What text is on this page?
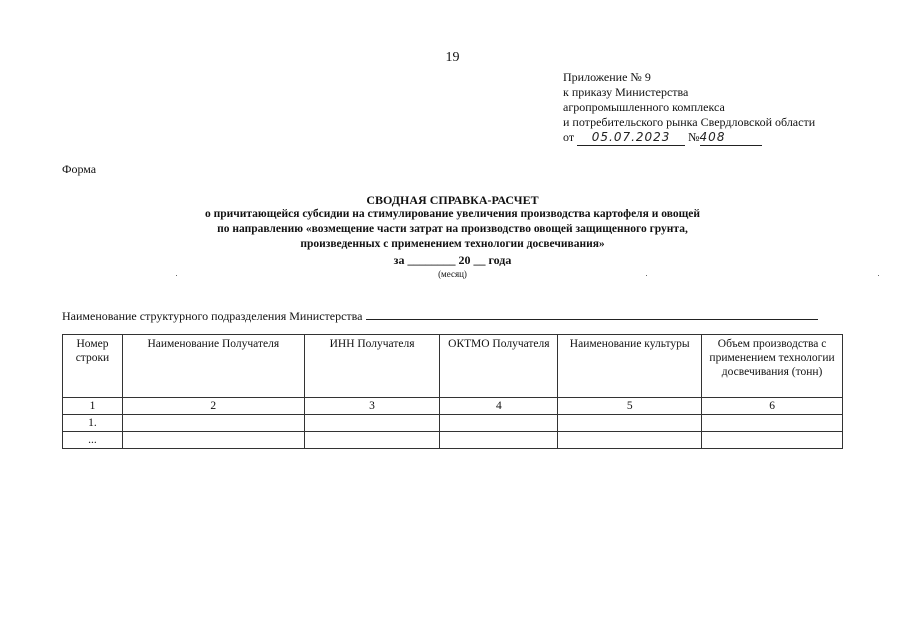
19
Приложение № 9
к приказу Министерства
агропромышленного комплекса
и потребительского рынка Свердловской области
от 05.07.2023 №408
Форма
СВОДНАЯ СПРАВКА-РАСЧЕТ
о причитающейся субсидии на стимулирование увеличения производства картофеля и овощей
по направлению «возмещение части затрат на производство овощей защищенного грунта,
произведенных с применением технологии досвечивания»
за ________ 20 __ года
(месяц)
Наименование структурного подразделения Министерства
Номер строки	Наименование Получателя	ИНН Получателя	ОКТМО Получателя	Наименование культуры	Объем производства с применением технологии досвечивания (тонн)
1	2	3	4	5	6
1.					
...					
